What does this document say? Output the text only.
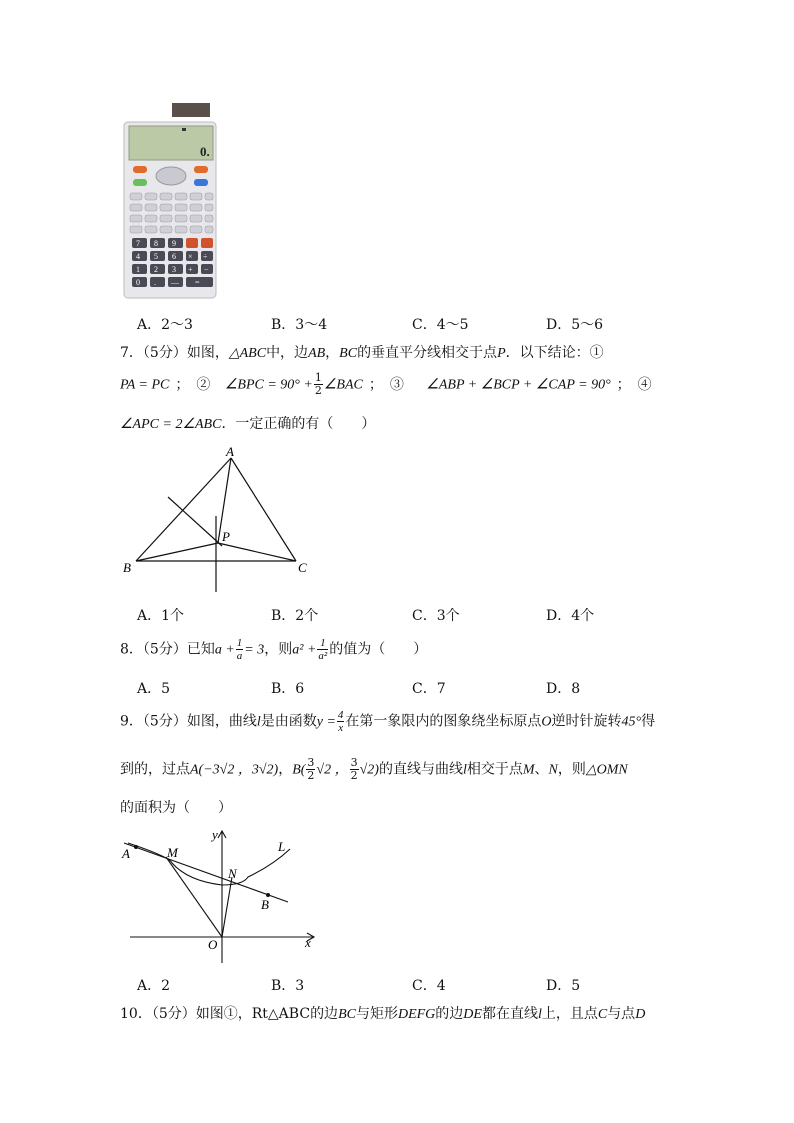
0.
7 8 9
4 5 6 × ÷
1 2 3 + −
0 . — =
A．2～3	B．3～4	C．4～5	D．5～6
7．（5分）如图，△ABC中，边AB，BC的垂直平分线相交于点P．以下结论：①
PA = PC ；　② ∠BPC = $90^\circ + \frac{1}{2}$ ∠BAC ；　③ ∠ABP + ∠BCP + ∠CAP = 90° ；　④
∠APC = 2∠ABC．一定正确的有（　　）
A
B	C
P
A．1个	B．2个	C．3个	D．4个
8．（5分）已知$a + \frac{1}{a} = 3$，则$a^2 + \frac{1}{\text{a²}}$ 的值为（　　）
A．5	B．6	C．7	D．8
9．（5分）如图，曲线l是由函数$y = \frac{4}{x}$ 在第一象限内的图象绕坐标原点O逆时针旋转45°得
到的，过点A(−3√2 ，3√2)，$B( \frac{3}{2} √2$ ， $\frac{3}{2} √2$)的直线与曲线l相交于点M、N，则△OMN
的面积为（　　）
A	M
N
B
O	x
y
L
A．2	B．3	C．4	D．5
10．（5分）如图①，Rt△ABC的边BC与矩形DEFG的边DE都在直线l上，且点C与点D
